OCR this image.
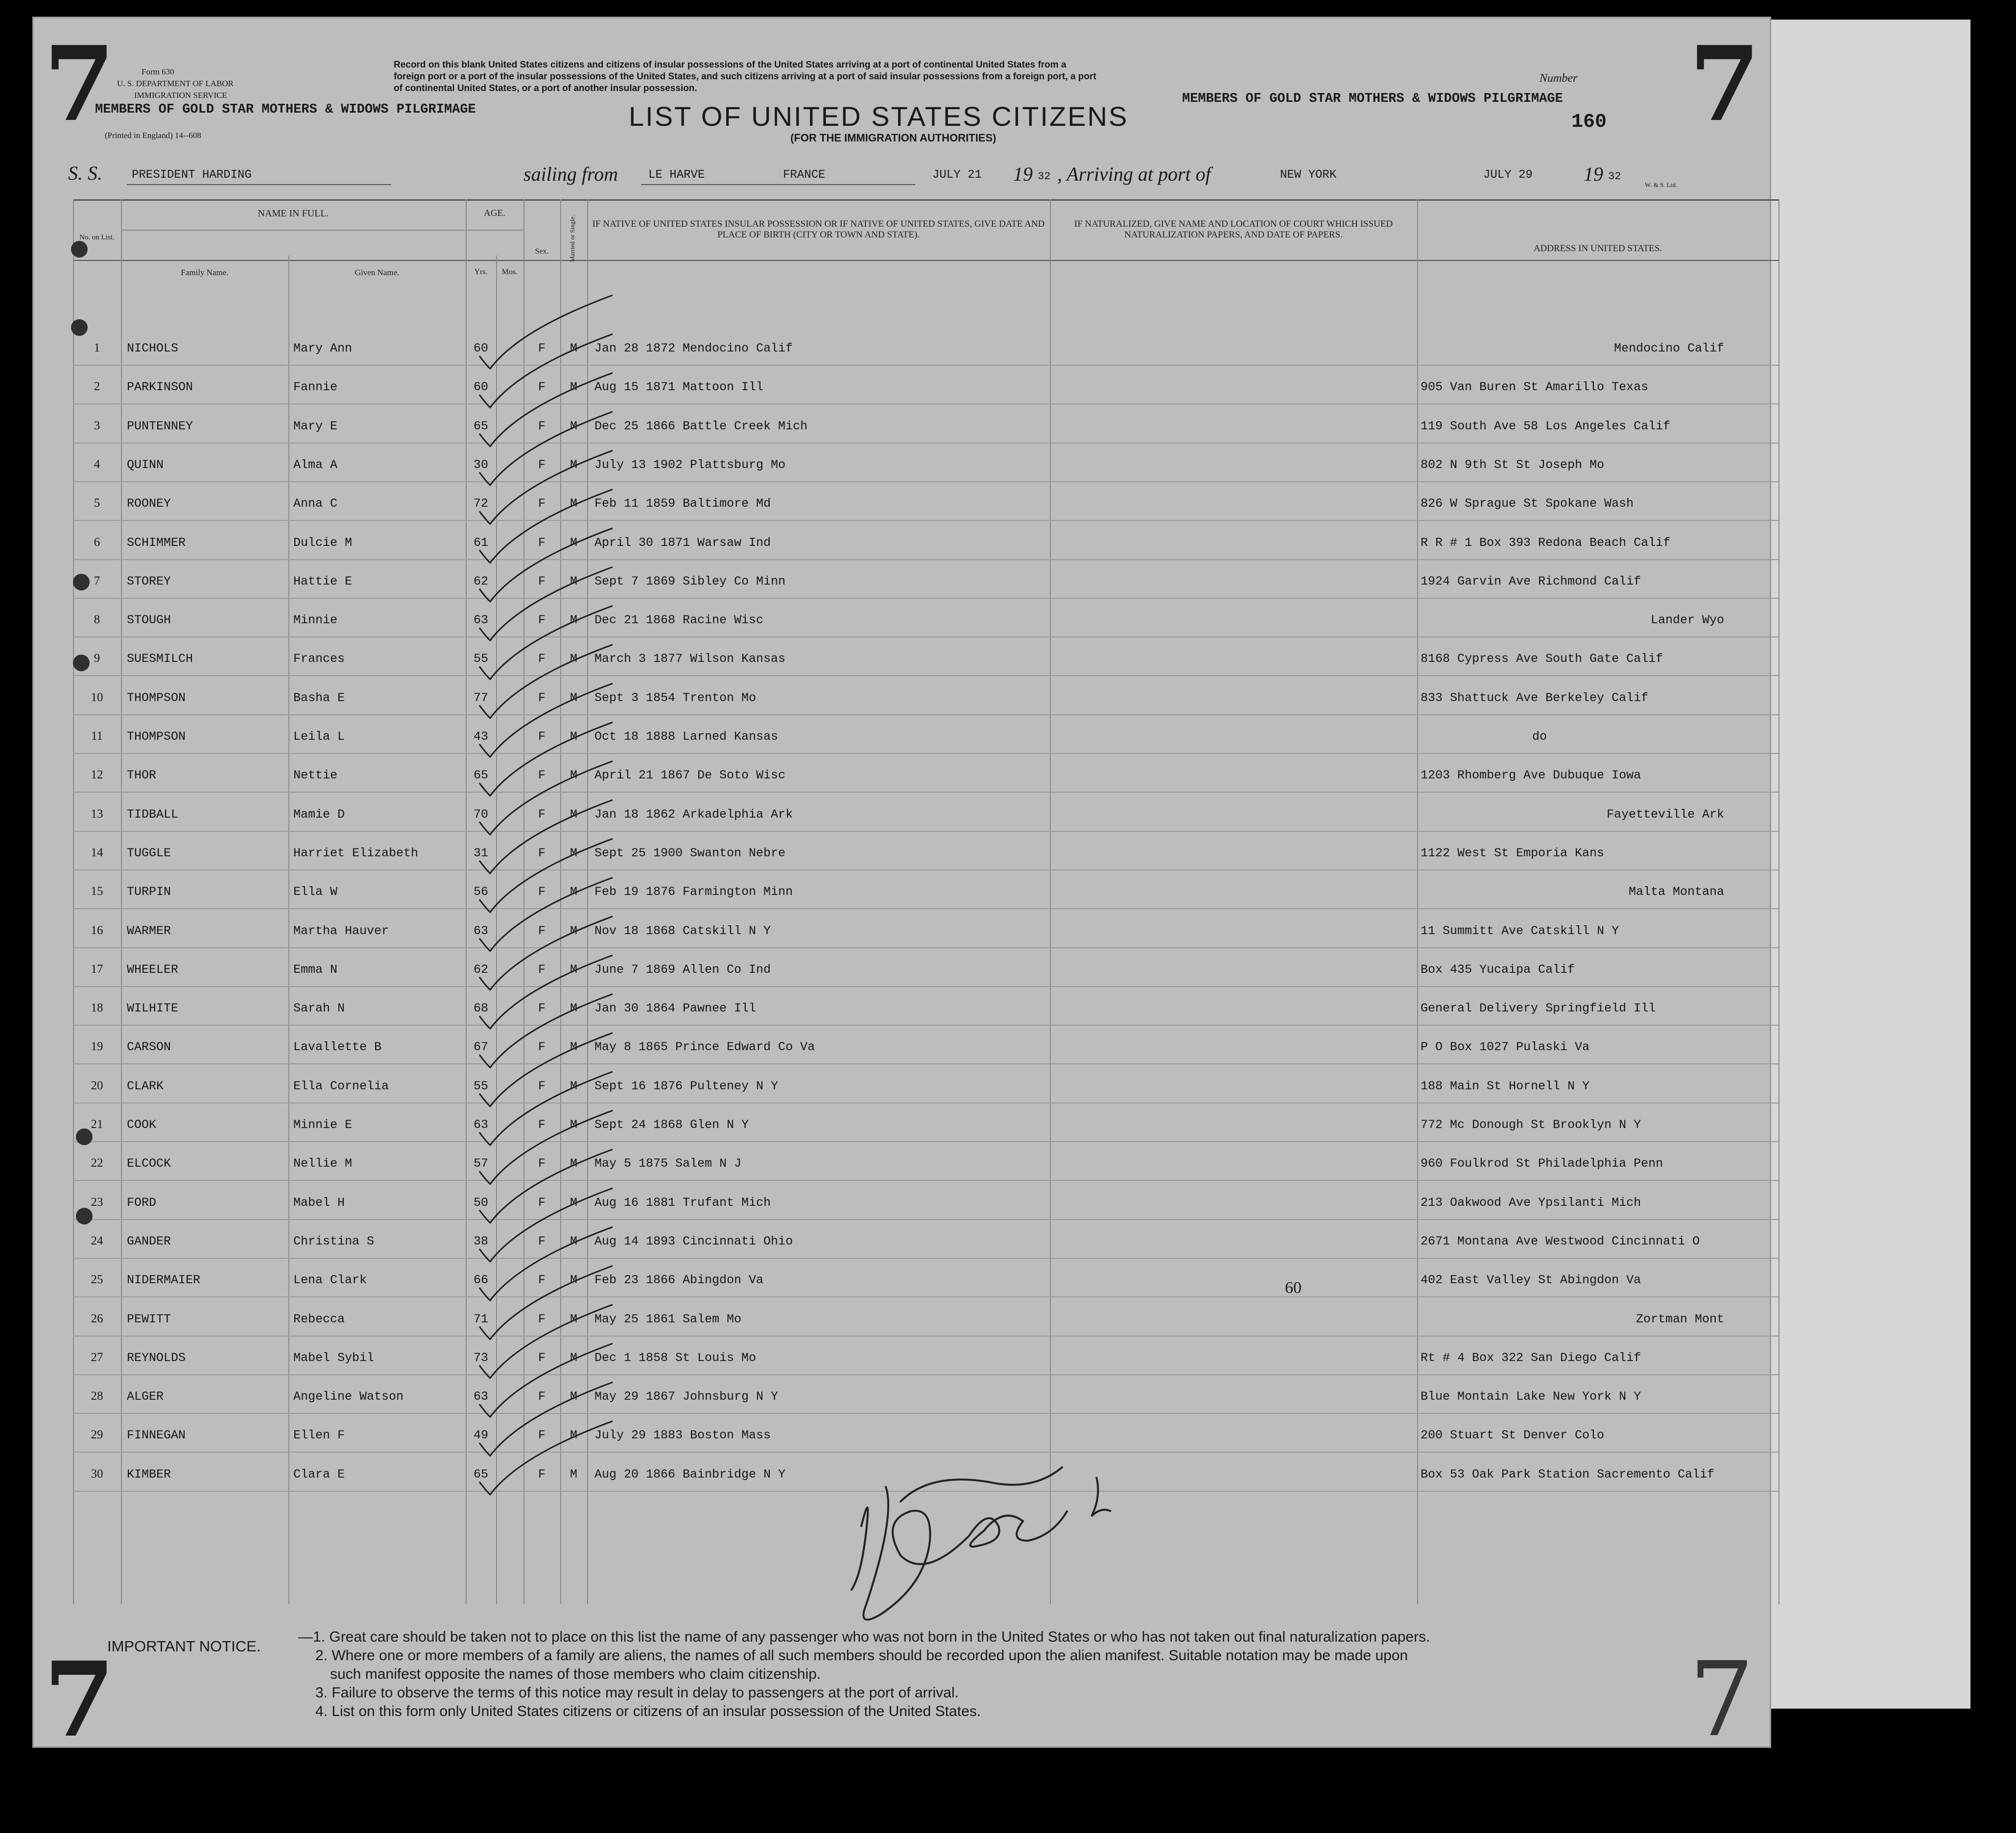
7	7
7	7
Form 630
U. S. DEPARTMENT OF LABOR
IMMIGRATION SERVICE
MEMBERS OF GOLD STAR MOTHERS & WIDOWS PILGRIMAGE
(Printed in England) 14--608
Record on this blank United States citizens and citizens of insular possessions of the United States arriving at a port of continental United States from a
foreign port or a port of the insular possessions of the United States, and such citizens arriving at a port of said insular possessions from a foreign port, a port
of continental United States, or a port of another insular possession.
LIST OF UNITED STATES CITIZENS
(FOR THE IMMIGRATION AUTHORITIES)
MEMBERS OF GOLD STAR MOTHERS & WIDOWS PILGRIMAGE
Number
160
S. S.	PRESIDENT HARDING	sailing from	LE HARVE	FRANCE	JULY 21 19 32 , Arriving at port of	NEW YORK	JULY 29	19 32
W. & S. Ltd.
No. on List.
NAME IN FULL.
Family Name.	Given Name.
AGE.
Yrs.	Mos.
Sex.	Married or Single. IF NATIVE OF UNITED STATES INSULAR POSSESSION OR IF NATIVE OF UNITED STATES, GIVE DATE AND PLACE OF BIRTH (CITY OR TOWN AND STATE).
IF NATURALIZED, GIVE NAME AND LOCATION OF COURT WHICH ISSUED NATURALIZATION PAPERS, AND DATE OF PAPERS.
ADDRESS IN UNITED STATES.
1	NICHOLS	Mary Ann	60	F	M	Jan 28 1872 Mendocino Calif	Mendocino Calif
2	PARKINSON	Fannie	60	F	M	Aug 15 1871 Mattoon Ill	905 Van Buren St Amarillo Texas
3	PUNTENNEY	Mary E	65	F	M	Dec 25 1866 Battle Creek Mich	119 South Ave 58 Los Angeles Calif
4	QUINN	Alma A	30	F	M	July 13 1902 Plattsburg Mo	802 N 9th St St Joseph Mo
5	ROONEY	Anna C	72	F	M	Feb 11 1859 Baltimore Md	826 W Sprague St Spokane Wash
6	SCHIMMER	Dulcie M	61	F	M	April 30 1871 Warsaw Ind	R R # 1 Box 393 Redona Beach Calif
7	STOREY	Hattie E	62	F	M	Sept 7 1869 Sibley Co Minn	1924 Garvin Ave Richmond Calif
8	STOUGH	Minnie	63	F	M	Dec 21 1868 Racine Wisc	Lander Wyo
9	SUESMILCH	Frances	55	F	M	March 3 1877 Wilson Kansas	8168 Cypress Ave South Gate Calif
10	THOMPSON	Basha E	77	F	M	Sept 3 1854 Trenton Mo	833 Shattuck Ave Berkeley Calif
11	THOMPSON	Leila L	43	F	M	Oct 18 1888 Larned Kansas	do
12	THOR	Nettie	65	F	M	April 21 1867 De Soto Wisc	1203 Rhomberg Ave Dubuque Iowa
13	TIDBALL	Mamie D	70	F	M	Jan 18 1862 Arkadelphia Ark	Fayetteville Ark
14	TUGGLE	Harriet Elizabeth	31	F	M	Sept 25 1900 Swanton Nebre	1122 West St Emporia Kans
15	TURPIN	Ella W	56	F	M	Feb 19 1876 Farmington Minn	Malta Montana
16	WARMER	Martha Hauver	63	F	M	Nov 18 1868 Catskill N Y	11 Summitt Ave Catskill N Y
17	WHEELER	Emma N	62	F	M	June 7 1869 Allen Co Ind	Box 435 Yucaipa Calif
18	WILHITE	Sarah N	68	F	M	Jan 30 1864 Pawnee Ill	General Delivery Springfield Ill
19	CARSON	Lavallette B	67	F	M	May 8 1865 Prince Edward Co Va	P O Box 1027 Pulaski Va
20	CLARK	Ella Cornelia	55	F	M	Sept 16 1876 Pulteney N Y	188 Main St Hornell N Y
21	COOK	Minnie E	63	F	M	Sept 24 1868 Glen N Y	772 Mc Donough St Brooklyn N Y
22	ELCOCK	Nellie M	57	F	M	May 5 1875 Salem N J	960 Foulkrod St Philadelphia Penn
23	FORD	Mabel H	50	F	M	Aug 16 1881 Trufant Mich	213 Oakwood Ave Ypsilanti Mich
24	GANDER	Christina S	38	F	M	Aug 14 1893 Cincinnati Ohio	2671 Montana Ave Westwood Cincinnati O
25	NIDERMAIER	Lena Clark	66	F	M	Feb 23 1866 Abingdon Va	402 East Valley St Abingdon Va
26	PEWITT	Rebecca	71	F	M	May 25 1861 Salem Mo	Zortman Mont
27	REYNOLDS	Mabel Sybil	73	F	M	Dec 1 1858 St Louis Mo	Rt # 4 Box 322 San Diego Calif
28	ALGER	Angeline Watson	63	F	M	May 29 1867 Johnsburg N Y	Blue Montain Lake New York N Y
29	FINNEGAN	Ellen F	49	F	M	July 29 1883 Boston Mass	200 Stuart St Denver Colo
30	KIMBER	Clara E	65	F	M	Aug 20 1866 Bainbridge N Y	Box 53 Oak Park Station Sacremento Calif
60
IMPORTANT NOTICE.
—1. Great care should be taken not to place on this list the name of any passenger who was not born in the United States or who has not taken out final naturalization papers.
2. Where one or more members of a family are aliens, the names of all such members should be recorded upon the alien manifest. Suitable notation may be made upon
such manifest opposite the names of those members who claim citizenship.
3. Failure to observe the terms of this notice may result in delay to passengers at the port of arrival.
4. List on this form only United States citizens or citizens of an insular possession of the United States.
